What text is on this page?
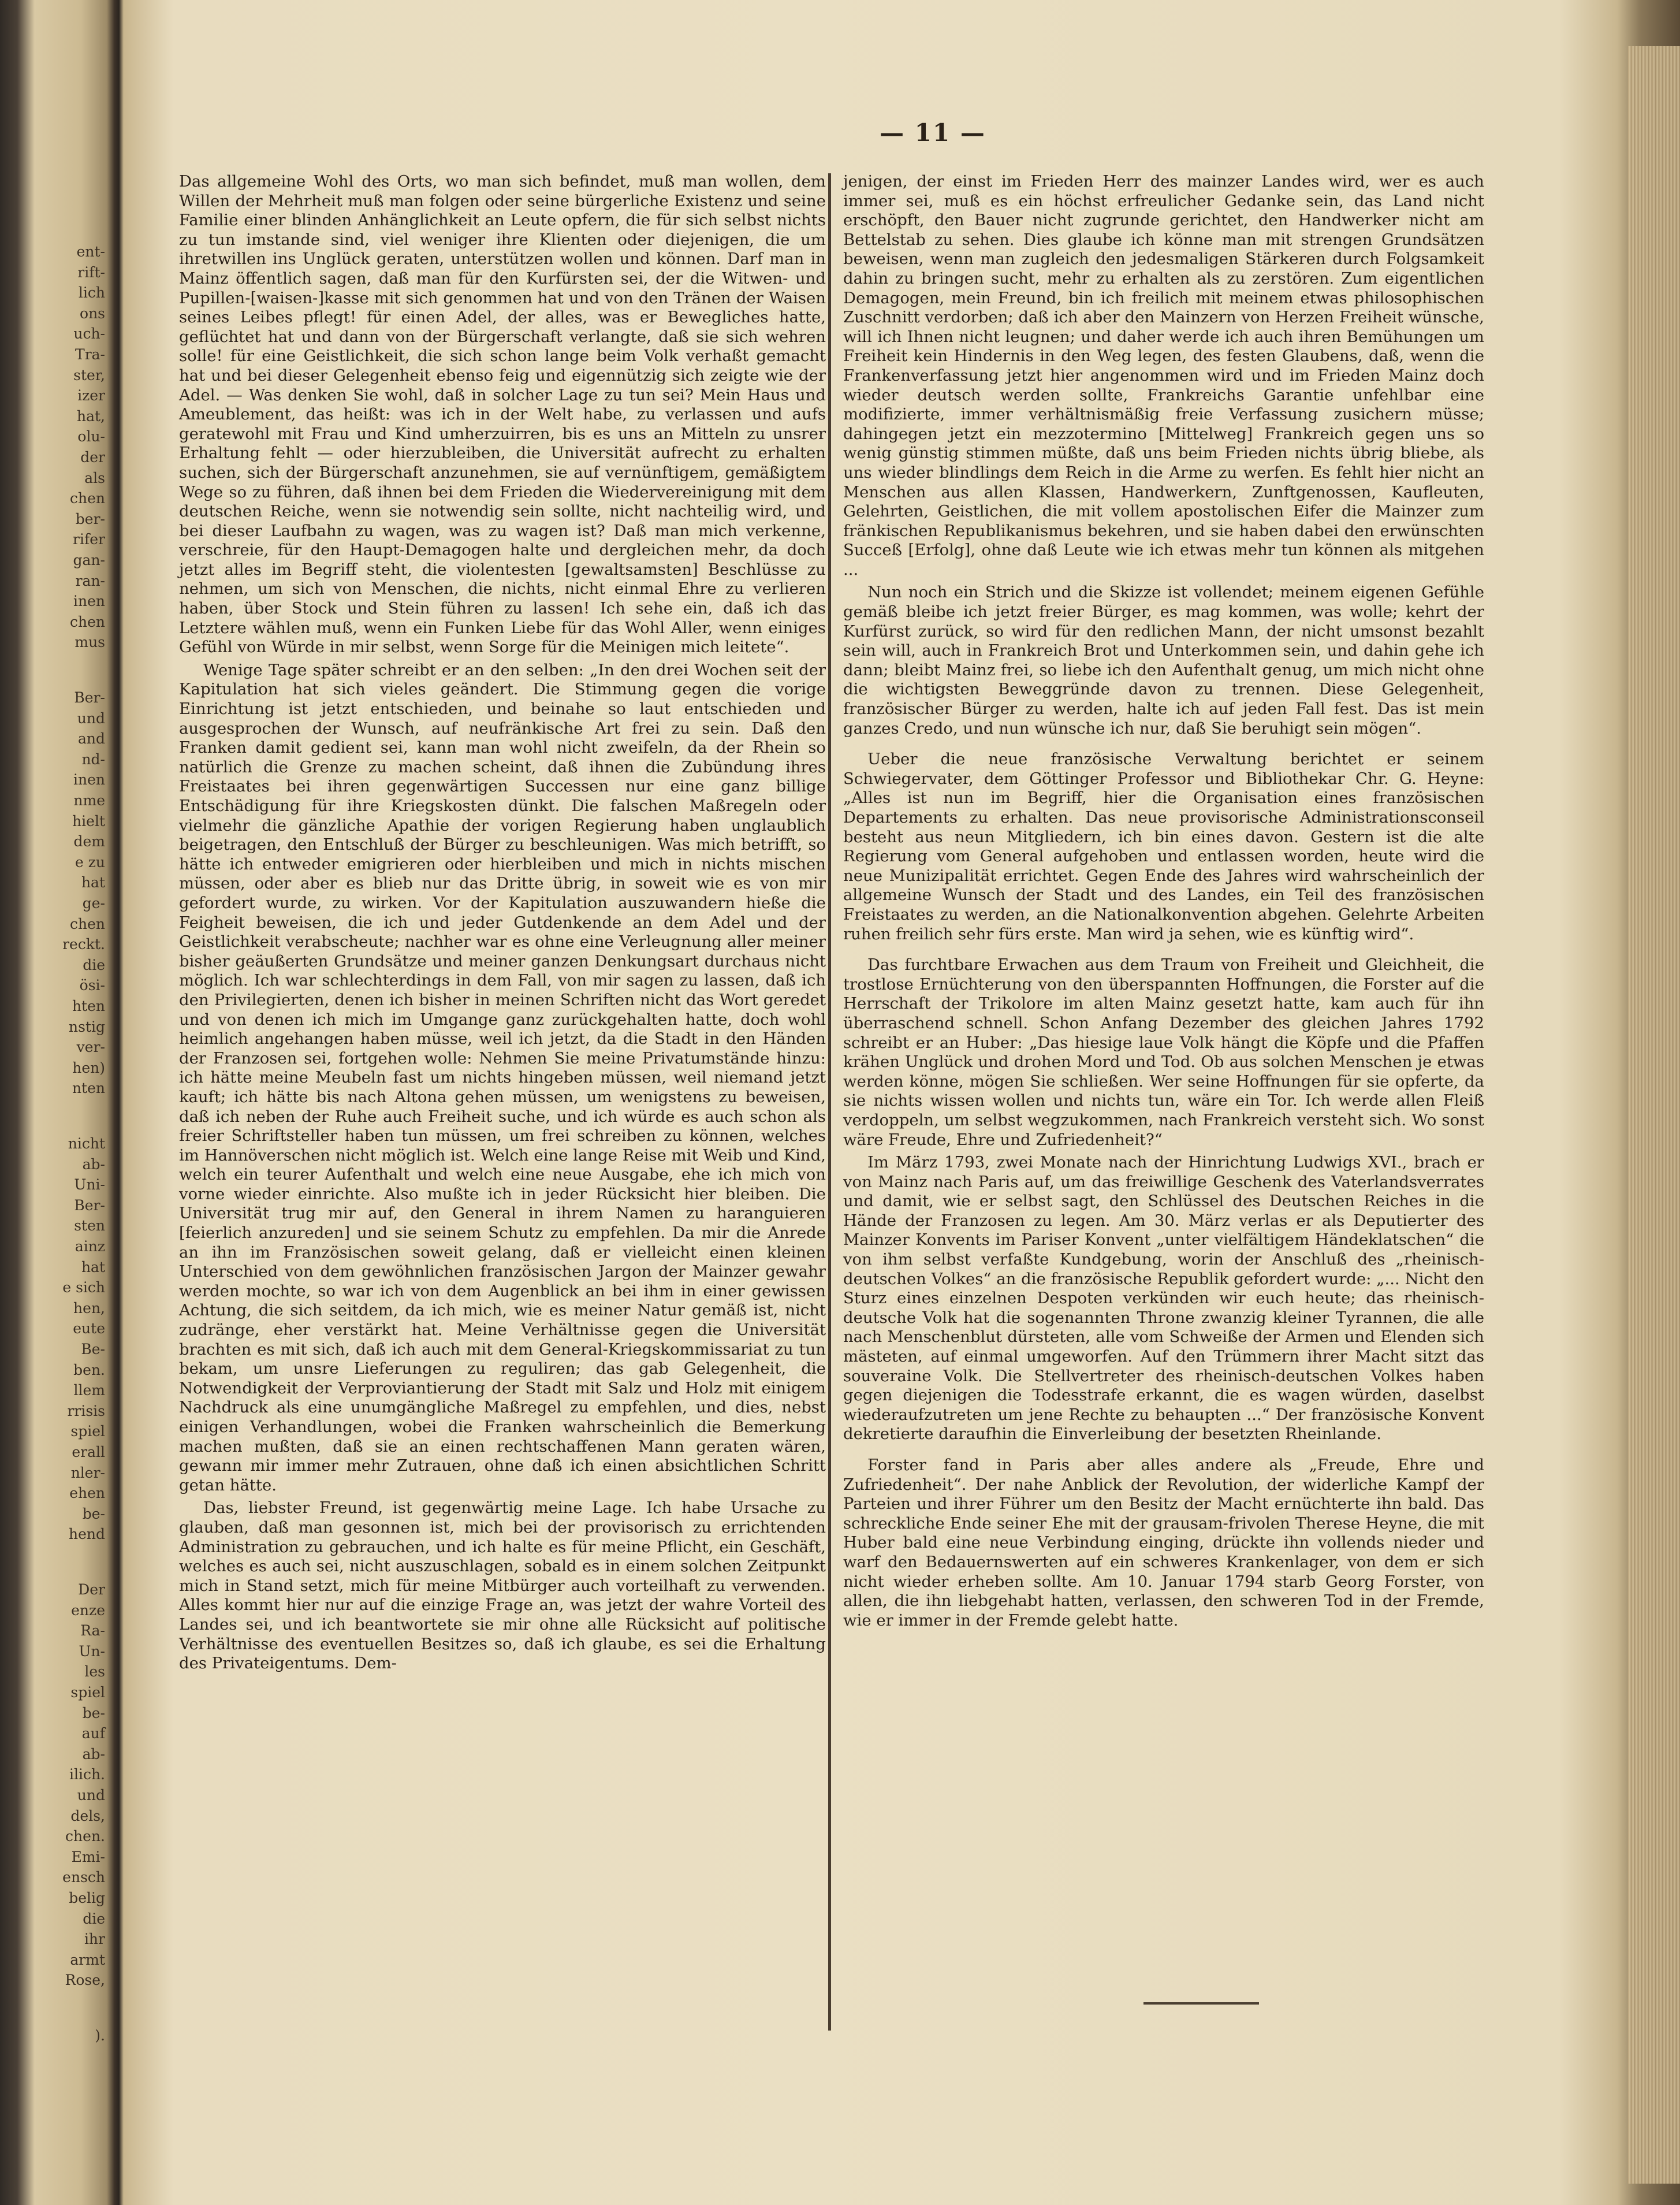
ent-
rift-
lich
ons
uch-
Tra-
ster,
izer
hat,
olu-
der
als
chen
ber-
rifer
gan-
ran-
inen
chen
mus
Ber-
und
and
nd-
inen
nme
hielt
dem
e zu
hat
ge-
chen
reckt.
die
ösi-
hten
nstig
ver-
hen)
nten
nicht
ab-
Uni-
Ber-
sten
ainz
hat
e sich
hen,
eute
Be-
ben.
llem
rrisis
spiel
erall
nler-
ehen
be-
hend
Der
enze
Ra-
Un-
les
spiel
be-
auf
ab-
ilich.
und
dels,
chen.
Emi-
ensch
belig
die
ihr
armt
Rose,
).
— 11 —

Das allgemeine Wohl des Orts, wo man sich befindet, muß man wollen, dem Willen der Mehrheit muß man folgen oder seine bürgerliche Existenz und seine Familie einer blinden Anhänglichkeit an Leute opfern, die für sich selbst nichts zu tun imstande sind, viel weniger ihre Klienten oder diejenigen, die um ihretwillen ins Unglück geraten, unterstützen wollen und können. Darf man in Mainz öffentlich sagen, daß man für den Kurfürsten sei, der die Witwen- und Pupillen-[waisen-]kasse mit sich genommen hat und von den Tränen der Waisen seines Leibes pflegt! für einen Adel, der alles, was er Bewegliches hatte, geflüchtet hat und dann von der Bürgerschaft verlangte, daß sie sich wehren solle! für eine Geistlichkeit, die sich schon lange beim Volk verhaßt gemacht hat und bei dieser Gelegenheit ebenso feig und eigennützig sich zeigte wie der Adel. — Was denken Sie wohl, daß in solcher Lage zu tun sei? Mein Haus und Ameublement, das heißt: was ich in der Welt habe, zu verlassen und aufs geratewohl mit Frau und Kind umherzuirren, bis es uns an Mitteln zu unsrer Erhaltung fehlt — oder hierzubleiben, die Universität aufrecht zu erhalten suchen, sich der Bürgerschaft anzunehmen, sie auf vernünftigem, gemäßigtem Wege so zu führen, daß ihnen bei dem Frieden die Wiedervereinigung mit dem deutschen Reiche, wenn sie notwendig sein sollte, nicht nachteilig wird, und bei dieser Laufbahn zu wagen, was zu wagen ist? Daß man mich verkenne, verschreie, für den Haupt-Demagogen halte und dergleichen mehr, da doch jetzt alles im Begriff steht, die violentesten [gewaltsamsten] Beschlüsse zu nehmen, um sich von Menschen, die nichts, nicht einmal Ehre zu verlieren haben, über Stock und Stein führen zu lassen! Ich sehe ein, daß ich das Letztere wählen muß, wenn ein Funken Liebe für das Wohl Aller, wenn einiges Gefühl von Würde in mir selbst, wenn Sorge für die Meinigen mich leitete“.

Wenige Tage später schreibt er an den selben: „In den drei Wochen seit der Kapitulation hat sich vieles geändert. Die Stimmung gegen die vorige Einrichtung ist jetzt entschieden, und beinahe so laut entschieden und ausgesprochen der Wunsch, auf neufränkische Art frei zu sein. Daß den Franken damit gedient sei, kann man wohl nicht zweifeln, da der Rhein so natürlich die Grenze zu machen scheint, daß ihnen die Zubündung ihres Freistaates bei ihren gegenwärtigen Successen nur eine ganz billige Entschädigung für ihre Kriegskosten dünkt. Die falschen Maßregeln oder vielmehr die gänzliche Apathie der vorigen Regierung haben unglaublich beigetragen, den Entschluß der Bürger zu beschleunigen. Was mich betrifft, so hätte ich entweder emigrieren oder hierbleiben und mich in nichts mischen müssen, oder aber es blieb nur das Dritte übrig, in soweit wie es von mir gefordert wurde, zu wirken. Vor der Kapitulation auszuwandern hieße die Feigheit beweisen, die ich und jeder Gutdenkende an dem Adel und der Geistlichkeit verabscheute; nachher war es ohne eine Verleugnung aller meiner bisher geäußerten Grundsätze und meiner ganzen Denkungsart durchaus nicht möglich. Ich war schlechterdings in dem Fall, von mir sagen zu lassen, daß ich den Privilegierten, denen ich bisher in meinen Schriften nicht das Wort geredet und von denen ich mich im Umgange ganz zurückgehalten hatte, doch wohl heimlich angehangen haben müsse, weil ich jetzt, da die Stadt in den Händen der Franzosen sei, fortgehen wolle: Nehmen Sie meine Privatumstände hinzu: ich hätte meine Meubeln fast um nichts hingeben müssen, weil niemand jetzt kauft; ich hätte bis nach Altona gehen müssen, um wenigstens zu beweisen, daß ich neben der Ruhe auch Freiheit suche, und ich würde es auch schon als freier Schriftsteller haben tun müssen, um frei schreiben zu können, welches im Hannöverschen nicht möglich ist. Welch eine lange Reise mit Weib und Kind, welch ein teurer Aufenthalt und welch eine neue Ausgabe, ehe ich mich von vorne wieder einrichte. Also mußte ich in jeder Rücksicht hier bleiben. Die Universität trug mir auf, den General in ihrem Namen zu haranguieren [feierlich anzureden] und sie seinem Schutz zu empfehlen. Da mir die Anrede an ihn im Französischen soweit gelang, daß er vielleicht einen kleinen Unterschied von dem gewöhnlichen französischen Jargon der Mainzer gewahr werden mochte, so war ich von dem Augenblick an bei ihm in einer gewissen Achtung, die sich seitdem, da ich mich, wie es meiner Natur gemäß ist, nicht zudränge, eher verstärkt hat. Meine Verhältnisse gegen die Universität brachten es mit sich, daß ich auch mit dem General-Kriegskommissariat zu tun bekam, um unsre Lieferungen zu reguliren; das gab Gelegenheit, die Notwendigkeit der Verproviantierung der Stadt mit Salz und Holz mit einigem Nachdruck als eine unumgängliche Maßregel zu empfehlen, und dies, nebst einigen Verhandlungen, wobei die Franken wahrscheinlich die Bemerkung machen mußten, daß sie an einen rechtschaffenen Mann geraten wären, gewann mir immer mehr Zutrauen, ohne daß ich einen absichtlichen Schritt getan hätte.

Das, liebster Freund, ist gegenwärtig meine Lage. Ich habe Ursache zu glauben, daß man gesonnen ist, mich bei der provisorisch zu errichtenden Administration zu gebrauchen, und ich halte es für meine Pflicht, ein Geschäft, welches es auch sei, nicht auszuschlagen, sobald es in einem solchen Zeitpunkt mich in Stand setzt, mich für meine Mitbürger auch vorteilhaft zu verwenden. Alles kommt hier nur auf die einzige Frage an, was jetzt der wahre Vorteil des Landes sei, und ich beantwortete sie mir ohne alle Rücksicht auf politische Verhältnisse des eventuellen Besitzes so, daß ich glaube, es sei die Erhaltung des Privateigentums. Dem-

jenigen, der einst im Frieden Herr des mainzer Landes wird, wer es auch immer sei, muß es ein höchst erfreulicher Gedanke sein, das Land nicht erschöpft, den Bauer nicht zugrunde gerichtet, den Handwerker nicht am Bettelstab zu sehen. Dies glaube ich könne man mit strengen Grundsätzen beweisen, wenn man zugleich den jedesmaligen Stärkeren durch Folgsamkeit dahin zu bringen sucht, mehr zu erhalten als zu zerstören. Zum eigentlichen Demagogen, mein Freund, bin ich freilich mit meinem etwas philosophischen Zuschnitt verdorben; daß ich aber den Mainzern von Herzen Freiheit wünsche, will ich Ihnen nicht leugnen; und daher werde ich auch ihren Bemühungen um Freiheit kein Hindernis in den Weg legen, des festen Glaubens, daß, wenn die Frankenverfassung jetzt hier angenommen wird und im Frieden Mainz doch wieder deutsch werden sollte, Frankreichs Garantie unfehlbar eine modifizierte, immer verhältnismäßig freie Verfassung zusichern müsse; dahingegen jetzt ein mezzotermino [Mittelweg] Frankreich gegen uns so wenig günstig stimmen müßte, daß uns beim Frieden nichts übrig bliebe, als uns wieder blindlings dem Reich in die Arme zu werfen. Es fehlt hier nicht an Menschen aus allen Klassen, Handwerkern, Zunftgenossen, Kaufleuten, Gelehrten, Geistlichen, die mit vollem apostolischen Eifer die Mainzer zum fränkischen Republikanismus bekehren, und sie haben dabei den erwünschten Succeß [Erfolg], ohne daß Leute wie ich etwas mehr tun können als mitgehen ...

Nun noch ein Strich und die Skizze ist vollendet; meinem eigenen Gefühle gemäß bleibe ich jetzt freier Bürger, es mag kommen, was wolle; kehrt der Kurfürst zurück, so wird für den redlichen Mann, der nicht umsonst bezahlt sein will, auch in Frankreich Brot und Unterkommen sein, und dahin gehe ich dann; bleibt Mainz frei, so liebe ich den Aufenthalt genug, um mich nicht ohne die wichtigsten Beweggründe davon zu trennen. Diese Gelegenheit, französischer Bürger zu werden, halte ich auf jeden Fall fest. Das ist mein ganzes Credo, und nun wünsche ich nur, daß Sie beruhigt sein mögen“.

Ueber die neue französische Verwaltung berichtet er seinem Schwiegervater, dem Göttinger Professor und Bibliothekar Chr. G. Heyne: „Alles ist nun im Begriff, hier die Organisation eines französischen Departements zu erhalten. Das neue provisorische Administrationsconseil besteht aus neun Mitgliedern, ich bin eines davon. Gestern ist die alte Regierung vom General aufgehoben und entlassen worden, heute wird die neue Munizipalität errichtet. Gegen Ende des Jahres wird wahrscheinlich der allgemeine Wunsch der Stadt und des Landes, ein Teil des französischen Freistaates zu werden, an die Nationalkonvention abgehen. Gelehrte Arbeiten ruhen freilich sehr fürs erste. Man wird ja sehen, wie es künftig wird“.

Das furchtbare Erwachen aus dem Traum von Freiheit und Gleichheit, die trostlose Ernüchterung von den überspannten Hoffnungen, die Forster auf die Herrschaft der Trikolore im alten Mainz gesetzt hatte, kam auch für ihn überraschend schnell. Schon Anfang Dezember des gleichen Jahres 1792 schreibt er an Huber: „Das hiesige laue Volk hängt die Köpfe und die Pfaffen krähen Unglück und drohen Mord und Tod. Ob aus solchen Menschen je etwas werden könne, mögen Sie schließen. Wer seine Hoffnungen für sie opferte, da sie nichts wissen wollen und nichts tun, wäre ein Tor. Ich werde allen Fleiß verdoppeln, um selbst wegzukommen, nach Frankreich versteht sich. Wo sonst wäre Freude, Ehre und Zufriedenheit?“

Im März 1793, zwei Monate nach der Hinrichtung Ludwigs XVI., brach er von Mainz nach Paris auf, um das freiwillige Geschenk des Vaterlandsverrates und damit, wie er selbst sagt, den Schlüssel des Deutschen Reiches in die Hände der Franzosen zu legen. Am 30. März verlas er als Deputierter des Mainzer Konvents im Pariser Konvent „unter vielfältigem Händeklatschen“ die von ihm selbst verfaßte Kundgebung, worin der Anschluß des „rheinisch-deutschen Volkes“ an die französische Republik gefordert wurde: „... Nicht den Sturz eines einzelnen Despoten verkünden wir euch heute; das rheinisch-deutsche Volk hat die sogenannten Throne zwanzig kleiner Tyrannen, die alle nach Menschenblut dürsteten, alle vom Schweiße der Armen und Elenden sich mästeten, auf einmal umgeworfen. Auf den Trümmern ihrer Macht sitzt das souveraine Volk. Die Stellvertreter des rheinisch-deutschen Volkes haben gegen diejenigen die Todesstrafe erkannt, die es wagen würden, daselbst wiederaufzutreten um jene Rechte zu behaupten ...“ Der französische Konvent dekretierte daraufhin die Einverleibung der besetzten Rheinlande.

Forster fand in Paris aber alles andere als „Freude, Ehre und Zufriedenheit“. Der nahe Anblick der Revolution, der widerliche Kampf der Parteien und ihrer Führer um den Besitz der Macht ernüchterte ihn bald. Das schreckliche Ende seiner Ehe mit der grausam-frivolen Therese Heyne, die mit Huber bald eine neue Verbindung einging, drückte ihn vollends nieder und warf den Bedauernswerten auf ein schweres Krankenlager, von dem er sich nicht wieder erheben sollte. Am 10. Januar 1794 starb Georg Forster, von allen, die ihn liebgehabt hatten, verlassen, den schweren Tod in der Fremde, wie er immer in der Fremde gelebt hatte.
